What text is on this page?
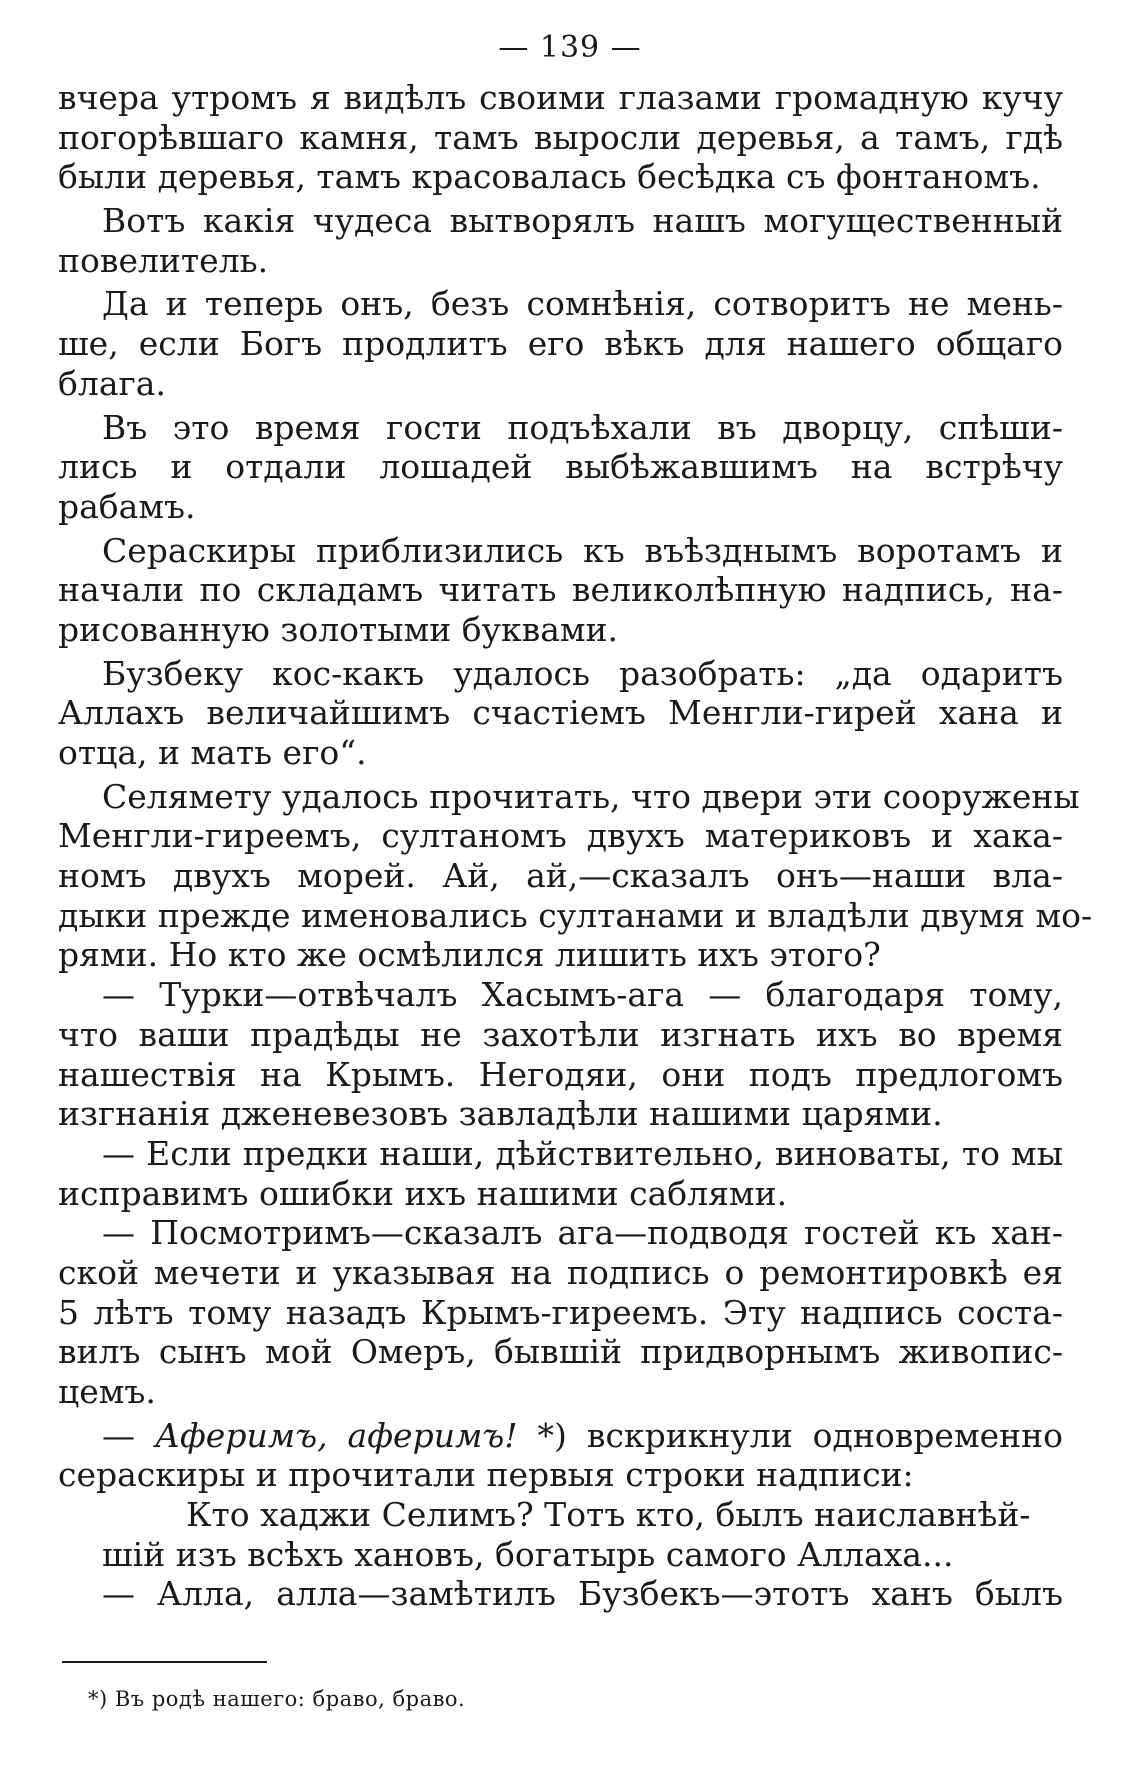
— 139 —
вчера утромъ я видѣлъ своими глазами громадную кучу
погорѣвшаго камня, тамъ выросли деревья, а тамъ, гдѣ
были деревья, тамъ красовалась бесѣдка съ фонтаномъ.
Вотъ какія чудеса вытворялъ нашъ могущественный
повелитель.
Да и теперь онъ, безъ сомнѣнія, сотворитъ не мень-
ше, если Богъ продлитъ его вѣкъ для нашего общаго
блага.
Въ это время гости подъѣхали въ дворцу, спѣши-
лись и отдали лошадей выбѣжавшимъ на встрѣчу
рабамъ.
Сераскиры приблизились къ въѣзднымъ воротамъ и
начали по складамъ читать великолѣпную надпись, на-
рисованную золотыми буквами.
Бузбеку кос-какъ удалось разобрать: „да одаритъ
Аллахъ величайшимъ счастіемъ Менгли-гирей хана и
отца, и мать его“.
Селямету удалось прочитать, что двери эти сооружены
Менгли-гиреемъ, султаномъ двухъ материковъ и хака-
номъ двухъ морей. Ай, ай,—сказалъ онъ—наши вла-
дыки прежде именовались султанами и владѣли двумя мо-
рями. Но кто же осмѣлился лишить ихъ этого?
— Турки—отвѣчалъ Хасымъ-ага — благодаря тому,
что ваши прадѣды не захотѣли изгнать ихъ во время
нашествія на Крымъ. Негодяи, они подъ предлогомъ
изгнанія дженевезовъ завладѣли нашими царями.
— Если предки наши, дѣйствительно, виноваты, то мы
исправимъ ошибки ихъ нашими саблями.
— Посмотримъ—сказалъ ага—подводя гостей къ хан-
ской мечети и указывая на подпись о ремонтировкѣ ея
5 лѣтъ тому назадъ Крымъ-гиреемъ. Эту надпись соста-
вилъ сынъ мой Омеръ, бывшій придворнымъ живопис-
цемъ.
— Аферимъ, аферимъ! *) вскрикнули одновременно
сераскиры и прочитали первыя строки надписи:
Кто хаджи Селимъ? Тотъ кто, былъ наиславнѣй-
шій изъ всѣхъ хановъ, богатырь самого Аллаха...
— Алла, алла—замѣтилъ Бузбекъ—этотъ ханъ былъ
*) Въ родѣ нашего: браво, браво.
